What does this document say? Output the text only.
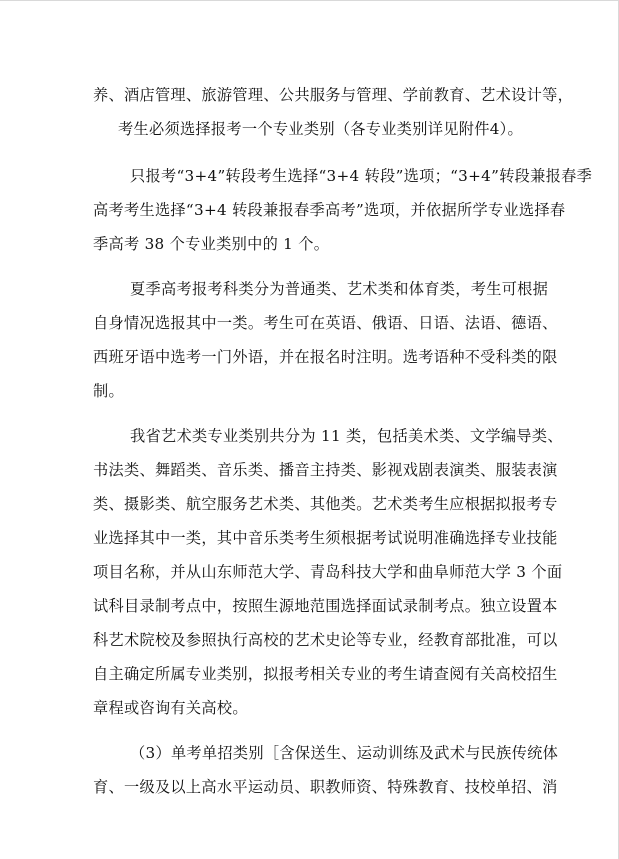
养、酒店管理、旅游管理、公共服务与管理、学前教育、艺术设计等，
考生必须选择报考一个专业类别（各专业类别详见附件4）。
只报考“3+4”转段考生选择“3+4 转段”选项；“3+4”转段兼报春季
高考考生选择“3+4 转段兼报春季高考”选项，并依据所学专业选择春
季高考 38 个专业类别中的 1 个。
夏季高考报考科类分为普通类、艺术类和体育类，考生可根据
自身情况选报其中一类。考生可在英语、俄语、日语、法语、德语、
西班牙语中选考一门外语，并在报名时注明。选考语种不受科类的限
制。
我省艺术类专业类别共分为 11 类，包括美术类、文学编导类、
书法类、舞蹈类、音乐类、播音主持类、影视戏剧表演类、服装表演
类、摄影类、航空服务艺术类、其他类。艺术类考生应根据拟报考专
业选择其中一类，其中音乐类考生须根据考试说明准确选择专业技能
项目名称，并从山东师范大学、青岛科技大学和曲阜师范大学 3 个面
试科目录制考点中，按照生源地范围选择面试录制考点。独立设置本
科艺术院校及参照执行高校的艺术史论等专业，经教育部批准，可以
自主确定所属专业类别，拟报考相关专业的考生请查阅有关高校招生
章程或咨询有关高校。
（3）单考单招类别［含保送生、运动训练及武术与民族传统体
育、一级及以上高水平运动员、职教师资、特殊教育、技校单招、消
